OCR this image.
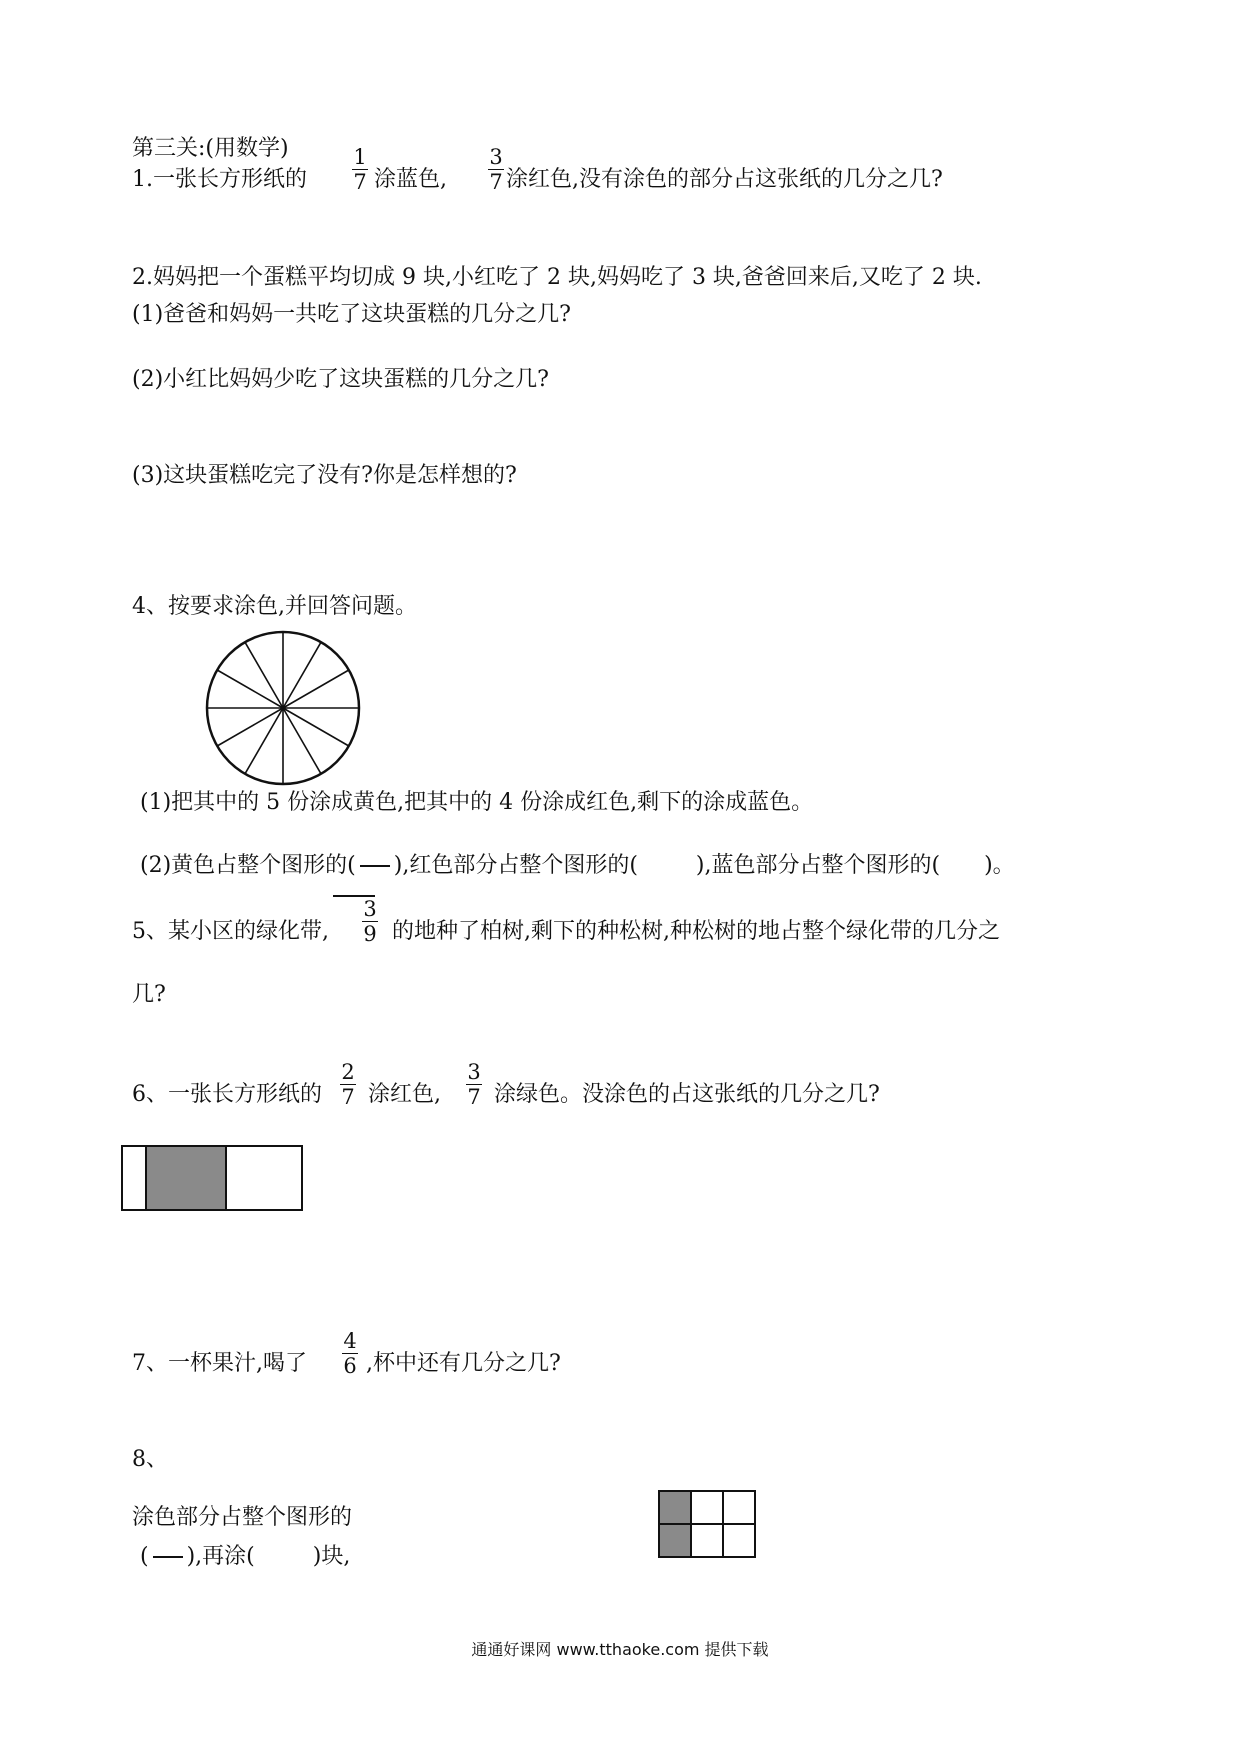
第三关:(用数学)
1.一张长方形纸的
1
7 涂蓝色,
3
7 涂红色,没有涂色的部分占这张纸的几分之几?
2.妈妈把一个蛋糕平均切成 9 块,小红吃了 2 块,妈妈吃了 3 块,爸爸回来后,又吃了 2 块.
(1)爸爸和妈妈一共吃了这块蛋糕的几分之几?
(2)小红比妈妈少吃了这块蛋糕的几分之几?
(3)这块蛋糕吃完了没有?你是怎样想的?
4、按要求涂色,并回答问题。
(1)把其中的 5 份涂成黄色,把其中的 4 份涂成红色,剩下的涂成蓝色。
(2)黄色占整个图形的( ),红色部分占整个图形的(	),蓝色部分占整个图形的( )。
5、某小区的绿化带,
3
9 的地种了柏树,剩下的种松树,种松树的地占整个绿化带的几分之
几?
6、一张长方形纸的
2
7 涂红色,
3
7 涂绿色。没涂色的占这张纸的几分之几?
7、一杯果汁,喝了
4
6 ,杯中还有几分之几?
8、
涂色部分占整个图形的
( ),再涂(	)块,
通通好课网 www.tthaoke.com 提供下载
